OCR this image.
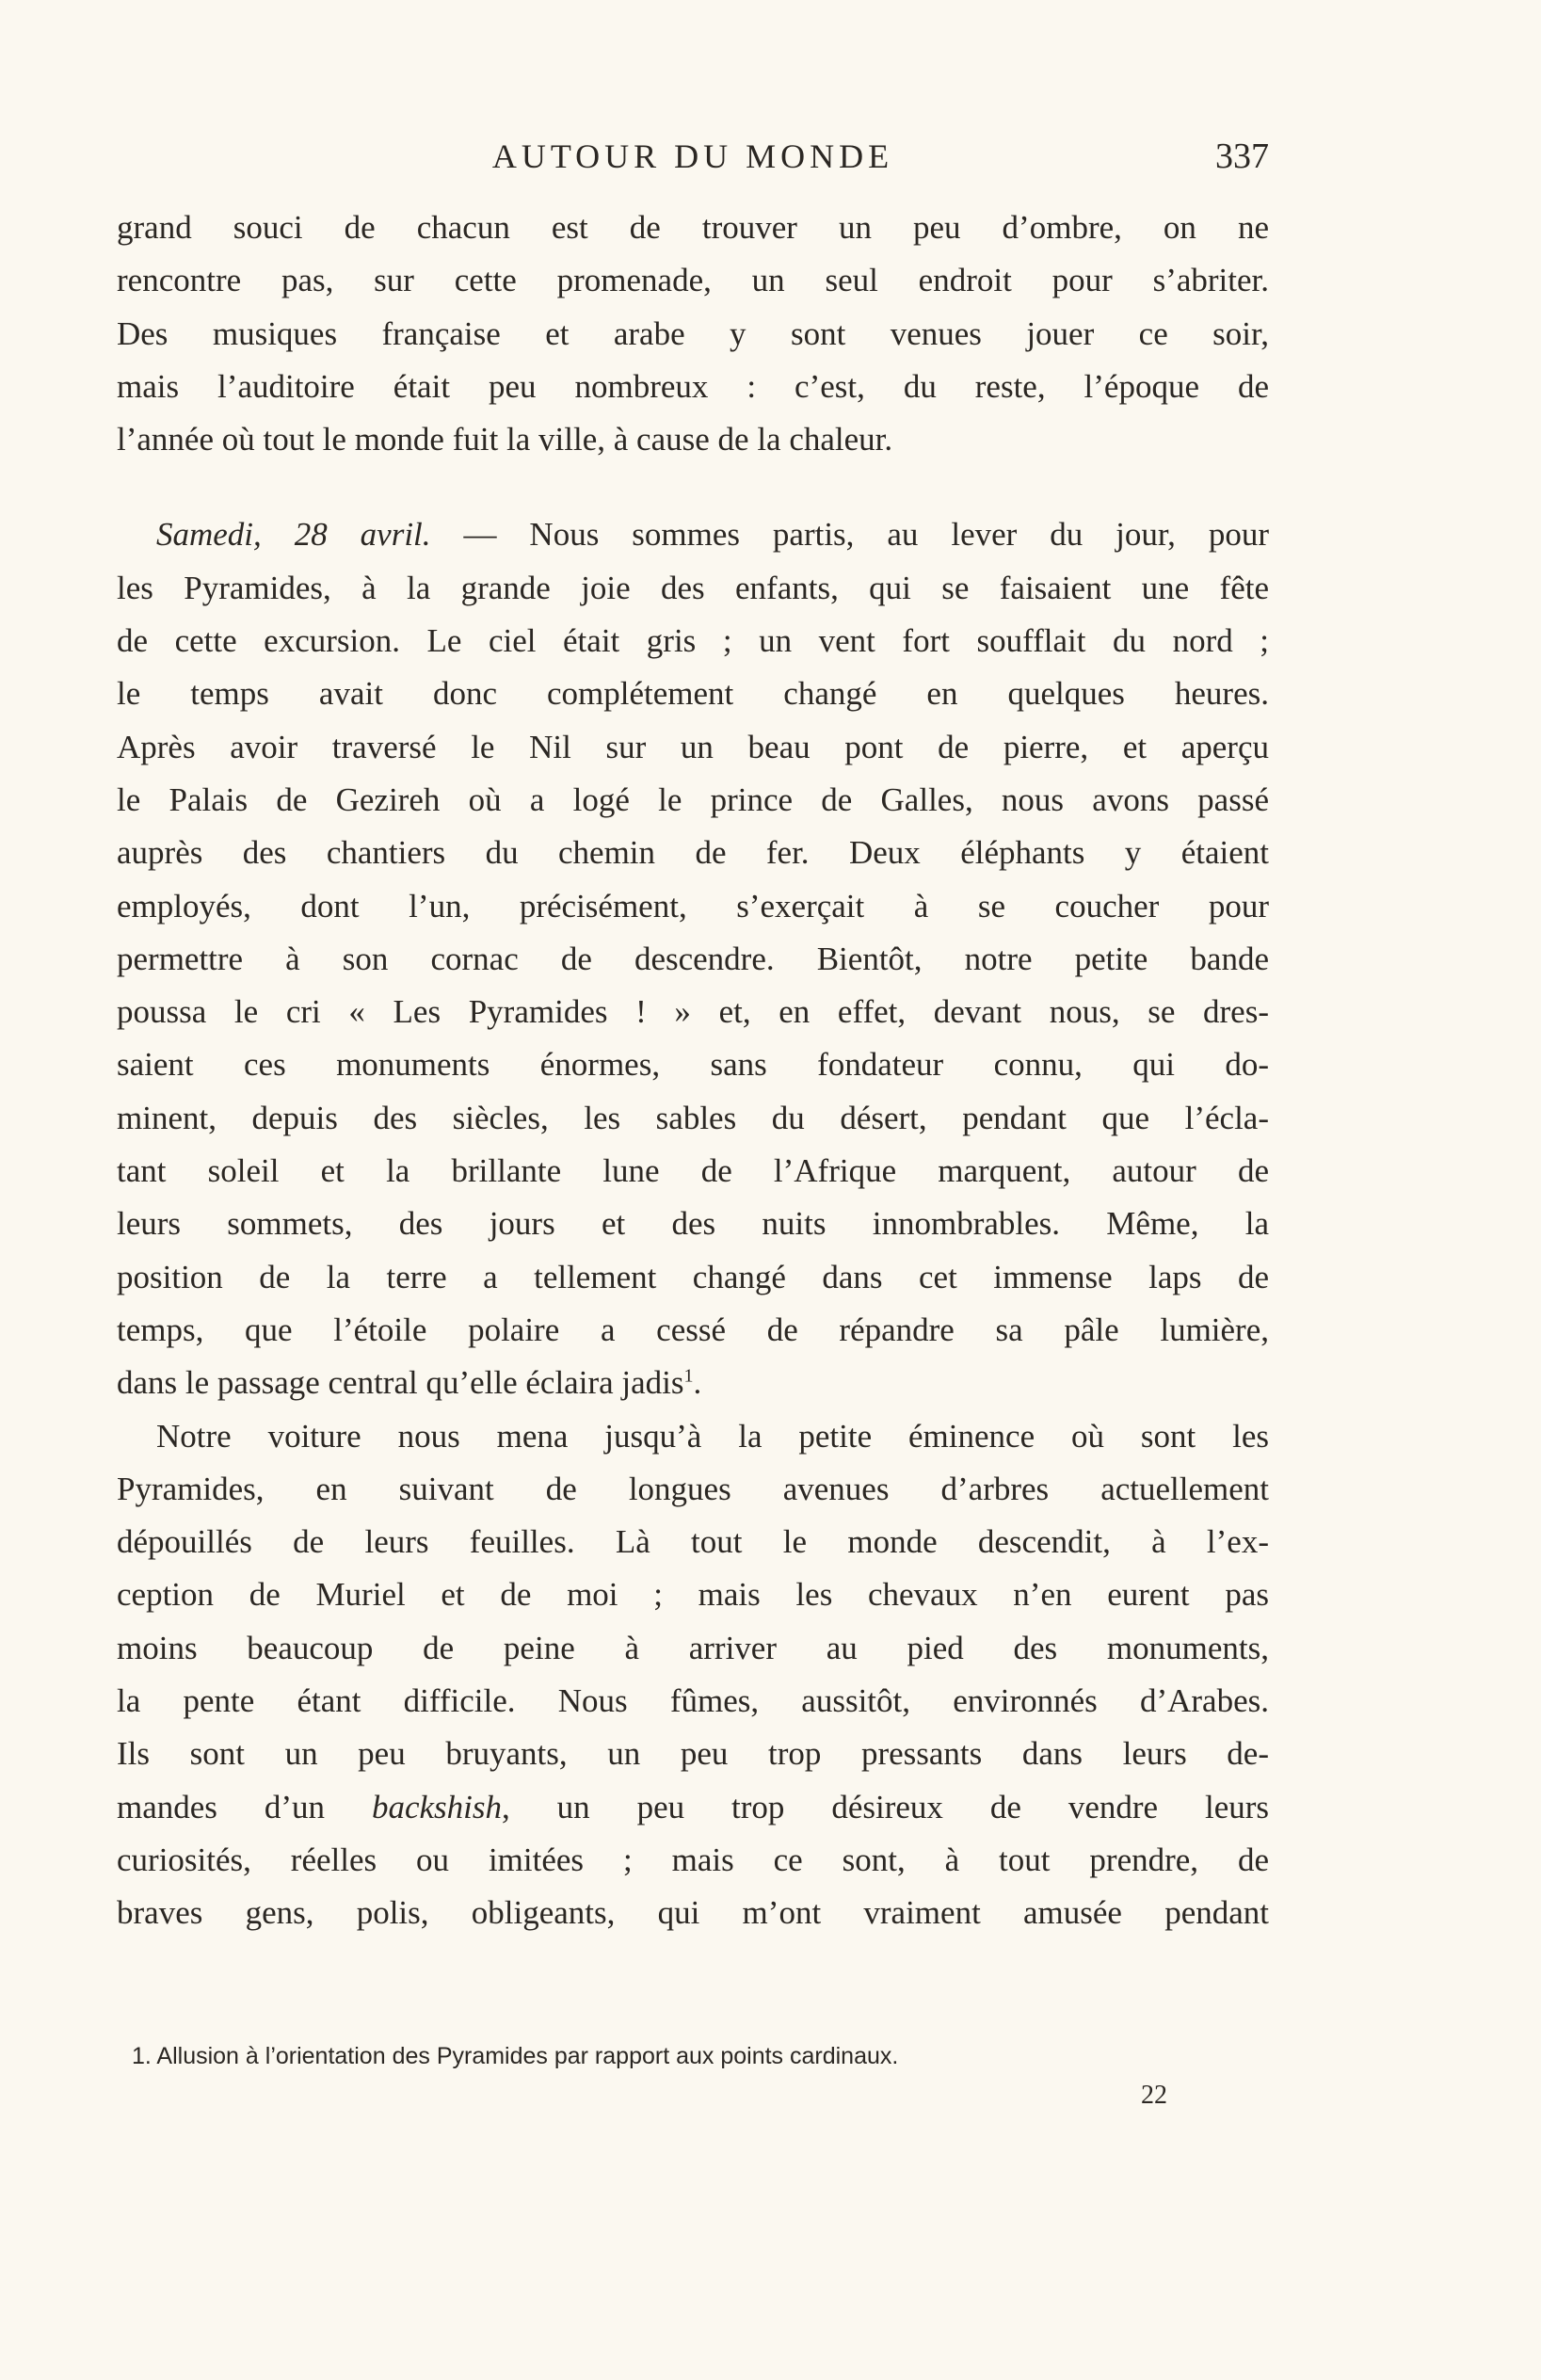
AUTOUR DU MONDE	337
grand souci de chacun est de trouver un peu d’ombre, on ne
rencontre pas, sur cette promenade, un seul endroit pour s’abriter.
Des musiques française et arabe y sont venues jouer ce soir,
mais l’auditoire était peu nombreux : c’est, du reste, l’époque de
l’année où tout le monde fuit la ville, à cause de la chaleur.
Samedi, 28 avril. — Nous sommes partis, au lever du jour, pour
les Pyramides, à la grande joie des enfants, qui se faisaient une fête
de cette excursion. Le ciel était gris ; un vent fort soufflait du nord ;
le temps avait donc complétement changé en quelques heures.
Après avoir traversé le Nil sur un beau pont de pierre, et aperçu
le Palais de Gezireh où a logé le prince de Galles, nous avons passé
auprès des chantiers du chemin de fer. Deux éléphants y étaient
employés, dont l’un, précisément, s’exerçait à se coucher pour
permettre à son cornac de descendre. Bientôt, notre petite bande
poussa le cri « Les Pyramides ! » et, en effet, devant nous, se dres-
saient ces monuments énormes, sans fondateur connu, qui do-
minent, depuis des siècles, les sables du désert, pendant que l’écla-
tant soleil et la brillante lune de l’Afrique marquent, autour de
leurs sommets, des jours et des nuits innombrables. Même, la
position de la terre a tellement changé dans cet immense laps de
temps, que l’étoile polaire a cessé de répandre sa pâle lumière,
dans le passage central qu’elle éclaira jadis$^1$.
Notre voiture nous mena jusqu’à la petite éminence où sont les
Pyramides, en suivant de longues avenues d’arbres actuellement
dépouillés de leurs feuilles. Là tout le monde descendit, à l’ex-
ception de Muriel et de moi ; mais les chevaux n’en eurent pas
moins beaucoup de peine à arriver au pied des monuments,
la pente étant difficile. Nous fûmes, aussitôt, environnés d’Arabes.
Ils sont un peu bruyants, un peu trop pressants dans leurs de-
mandes d’un backshish, un peu trop désireux de vendre leurs
curiosités, réelles ou imitées ; mais ce sont, à tout prendre, de
braves gens, polis, obligeants, qui m’ont vraiment amusée pendant
1. Allusion à l’orientation des Pyramides par rapport aux points cardinaux.
22
